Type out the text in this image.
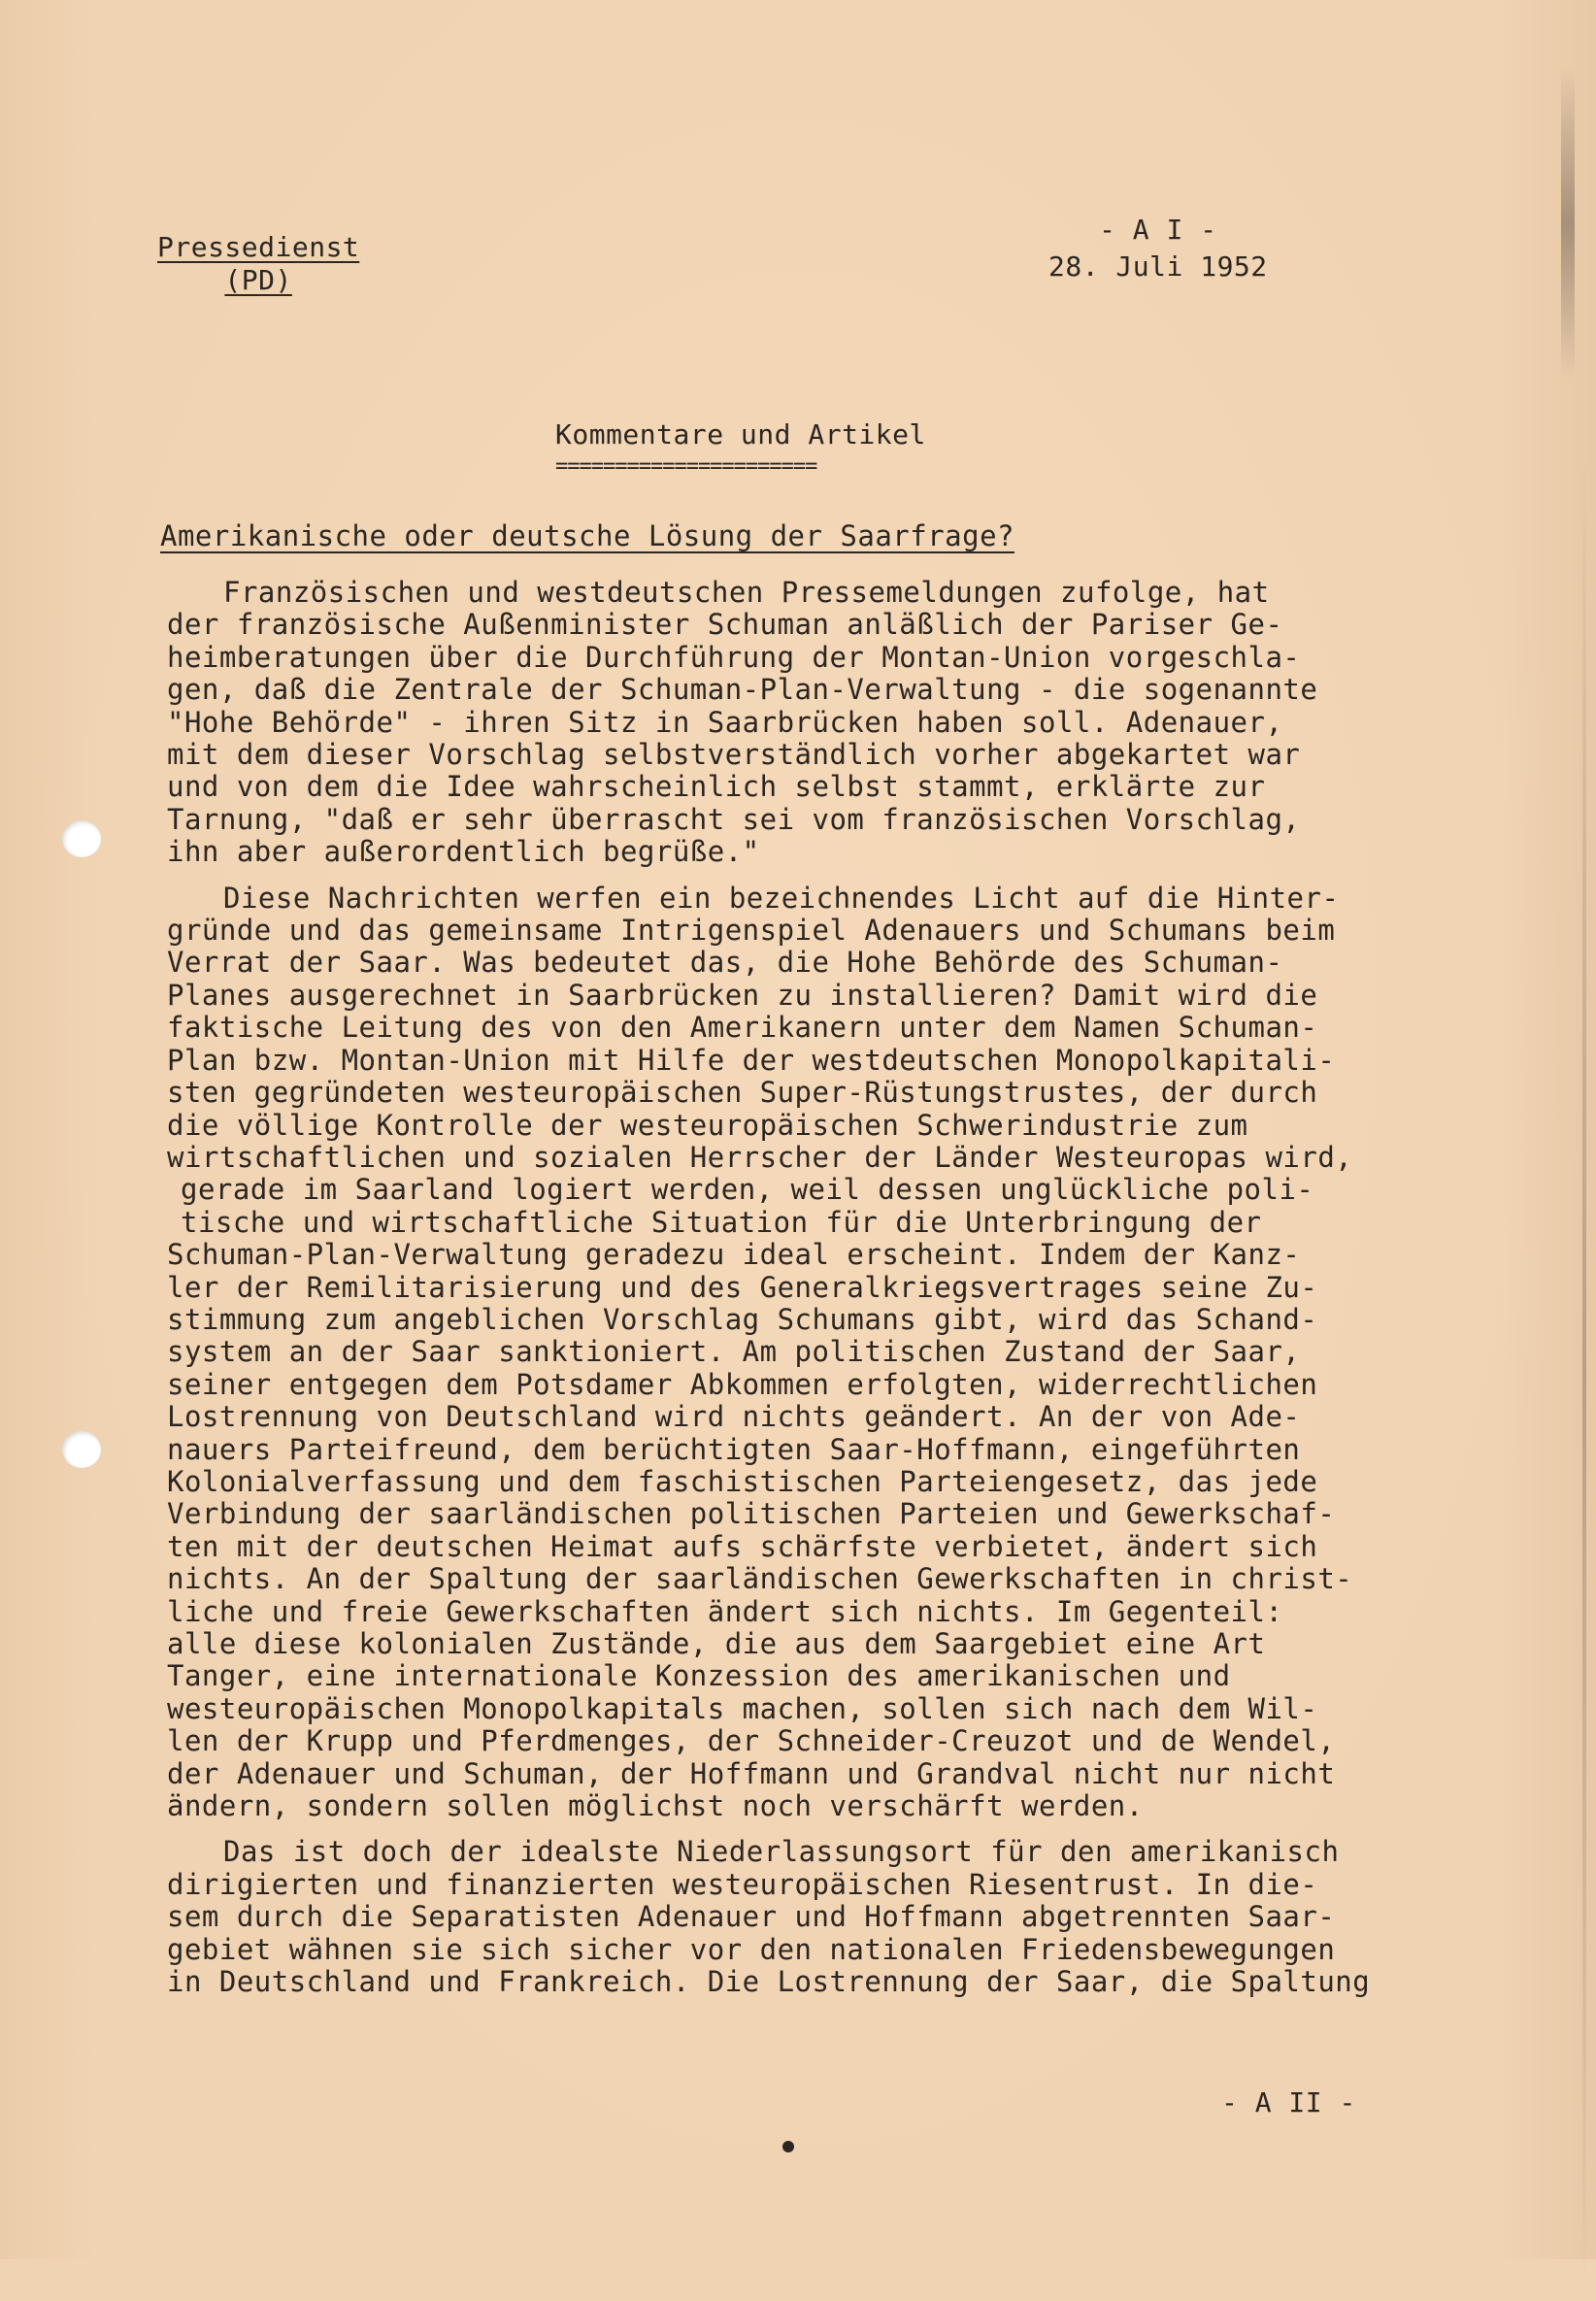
Pressedienst
(PD)
- A I -
28. Juli 1952
Kommentare und Artikel
======================
Amerikanische oder deutsche Lösung der Saarfrage?
Französischen und westdeutschen Pressemeldungen zufolge, hat
der französische Außenminister Schuman anläßlich der Pariser Ge-
heimberatungen über die Durchführung der Montan-Union vorgeschla-
gen, daß die Zentrale der Schuman-Plan-Verwaltung - die sogenannte
"Hohe Behörde" - ihren Sitz in Saarbrücken haben soll. Adenauer,
mit dem dieser Vorschlag selbstverständlich vorher abgekartet war
und von dem die Idee wahrscheinlich selbst stammt, erklärte zur
Tarnung, "daß er sehr überrascht sei vom französischen Vorschlag,
ihn aber außerordentlich begrüße."
Diese Nachrichten werfen ein bezeichnendes Licht auf die Hinter-
gründe und das gemeinsame Intrigenspiel Adenauers und Schumans beim
Verrat der Saar. Was bedeutet das, die Hohe Behörde des Schuman-
Planes ausgerechnet in Saarbrücken zu installieren? Damit wird die
faktische Leitung des von den Amerikanern unter dem Namen Schuman-
Plan bzw. Montan-Union mit Hilfe der westdeutschen Monopolkapitali-
sten gegründeten westeuropäischen Super-Rüstungstrustes, der durch
die völlige Kontrolle der westeuropäischen Schwerindustrie zum
wirtschaftlichen und sozialen Herrscher der Länder Westeuropas wird,
gerade im Saarland logiert werden, weil dessen unglückliche poli-
tische und wirtschaftliche Situation für die Unterbringung der
Schuman-Plan-Verwaltung geradezu ideal erscheint. Indem der Kanz-
ler der Remilitarisierung und des Generalkriegsvertrages seine Zu-
stimmung zum angeblichen Vorschlag Schumans gibt, wird das Schand-
system an der Saar sanktioniert. Am politischen Zustand der Saar,
seiner entgegen dem Potsdamer Abkommen erfolgten, widerrechtlichen
Lostrennung von Deutschland wird nichts geändert. An der von Ade-
nauers Parteifreund, dem berüchtigten Saar-Hoffmann, eingeführten
Kolonialverfassung und dem faschistischen Parteiengesetz, das jede
Verbindung der saarländischen politischen Parteien und Gewerkschaf-
ten mit der deutschen Heimat aufs schärfste verbietet, ändert sich
nichts. An der Spaltung der saarländischen Gewerkschaften in christ-
liche und freie Gewerkschaften ändert sich nichts. Im Gegenteil:
alle diese kolonialen Zustände, die aus dem Saargebiet eine Art
Tanger, eine internationale Konzession des amerikanischen und
westeuropäischen Monopolkapitals machen, sollen sich nach dem Wil-
len der Krupp und Pferdmenges, der Schneider-Creuzot und de Wendel,
der Adenauer und Schuman, der Hoffmann und Grandval nicht nur nicht
ändern, sondern sollen möglichst noch verschärft werden.
Das ist doch der idealste Niederlassungsort für den amerikanisch
dirigierten und finanzierten westeuropäischen Riesentrust. In die-
sem durch die Separatisten Adenauer und Hoffmann abgetrennten Saar-
gebiet wähnen sie sich sicher vor den nationalen Friedensbewegungen
in Deutschland und Frankreich. Die Lostrennung der Saar, die Spaltung
- A II -
